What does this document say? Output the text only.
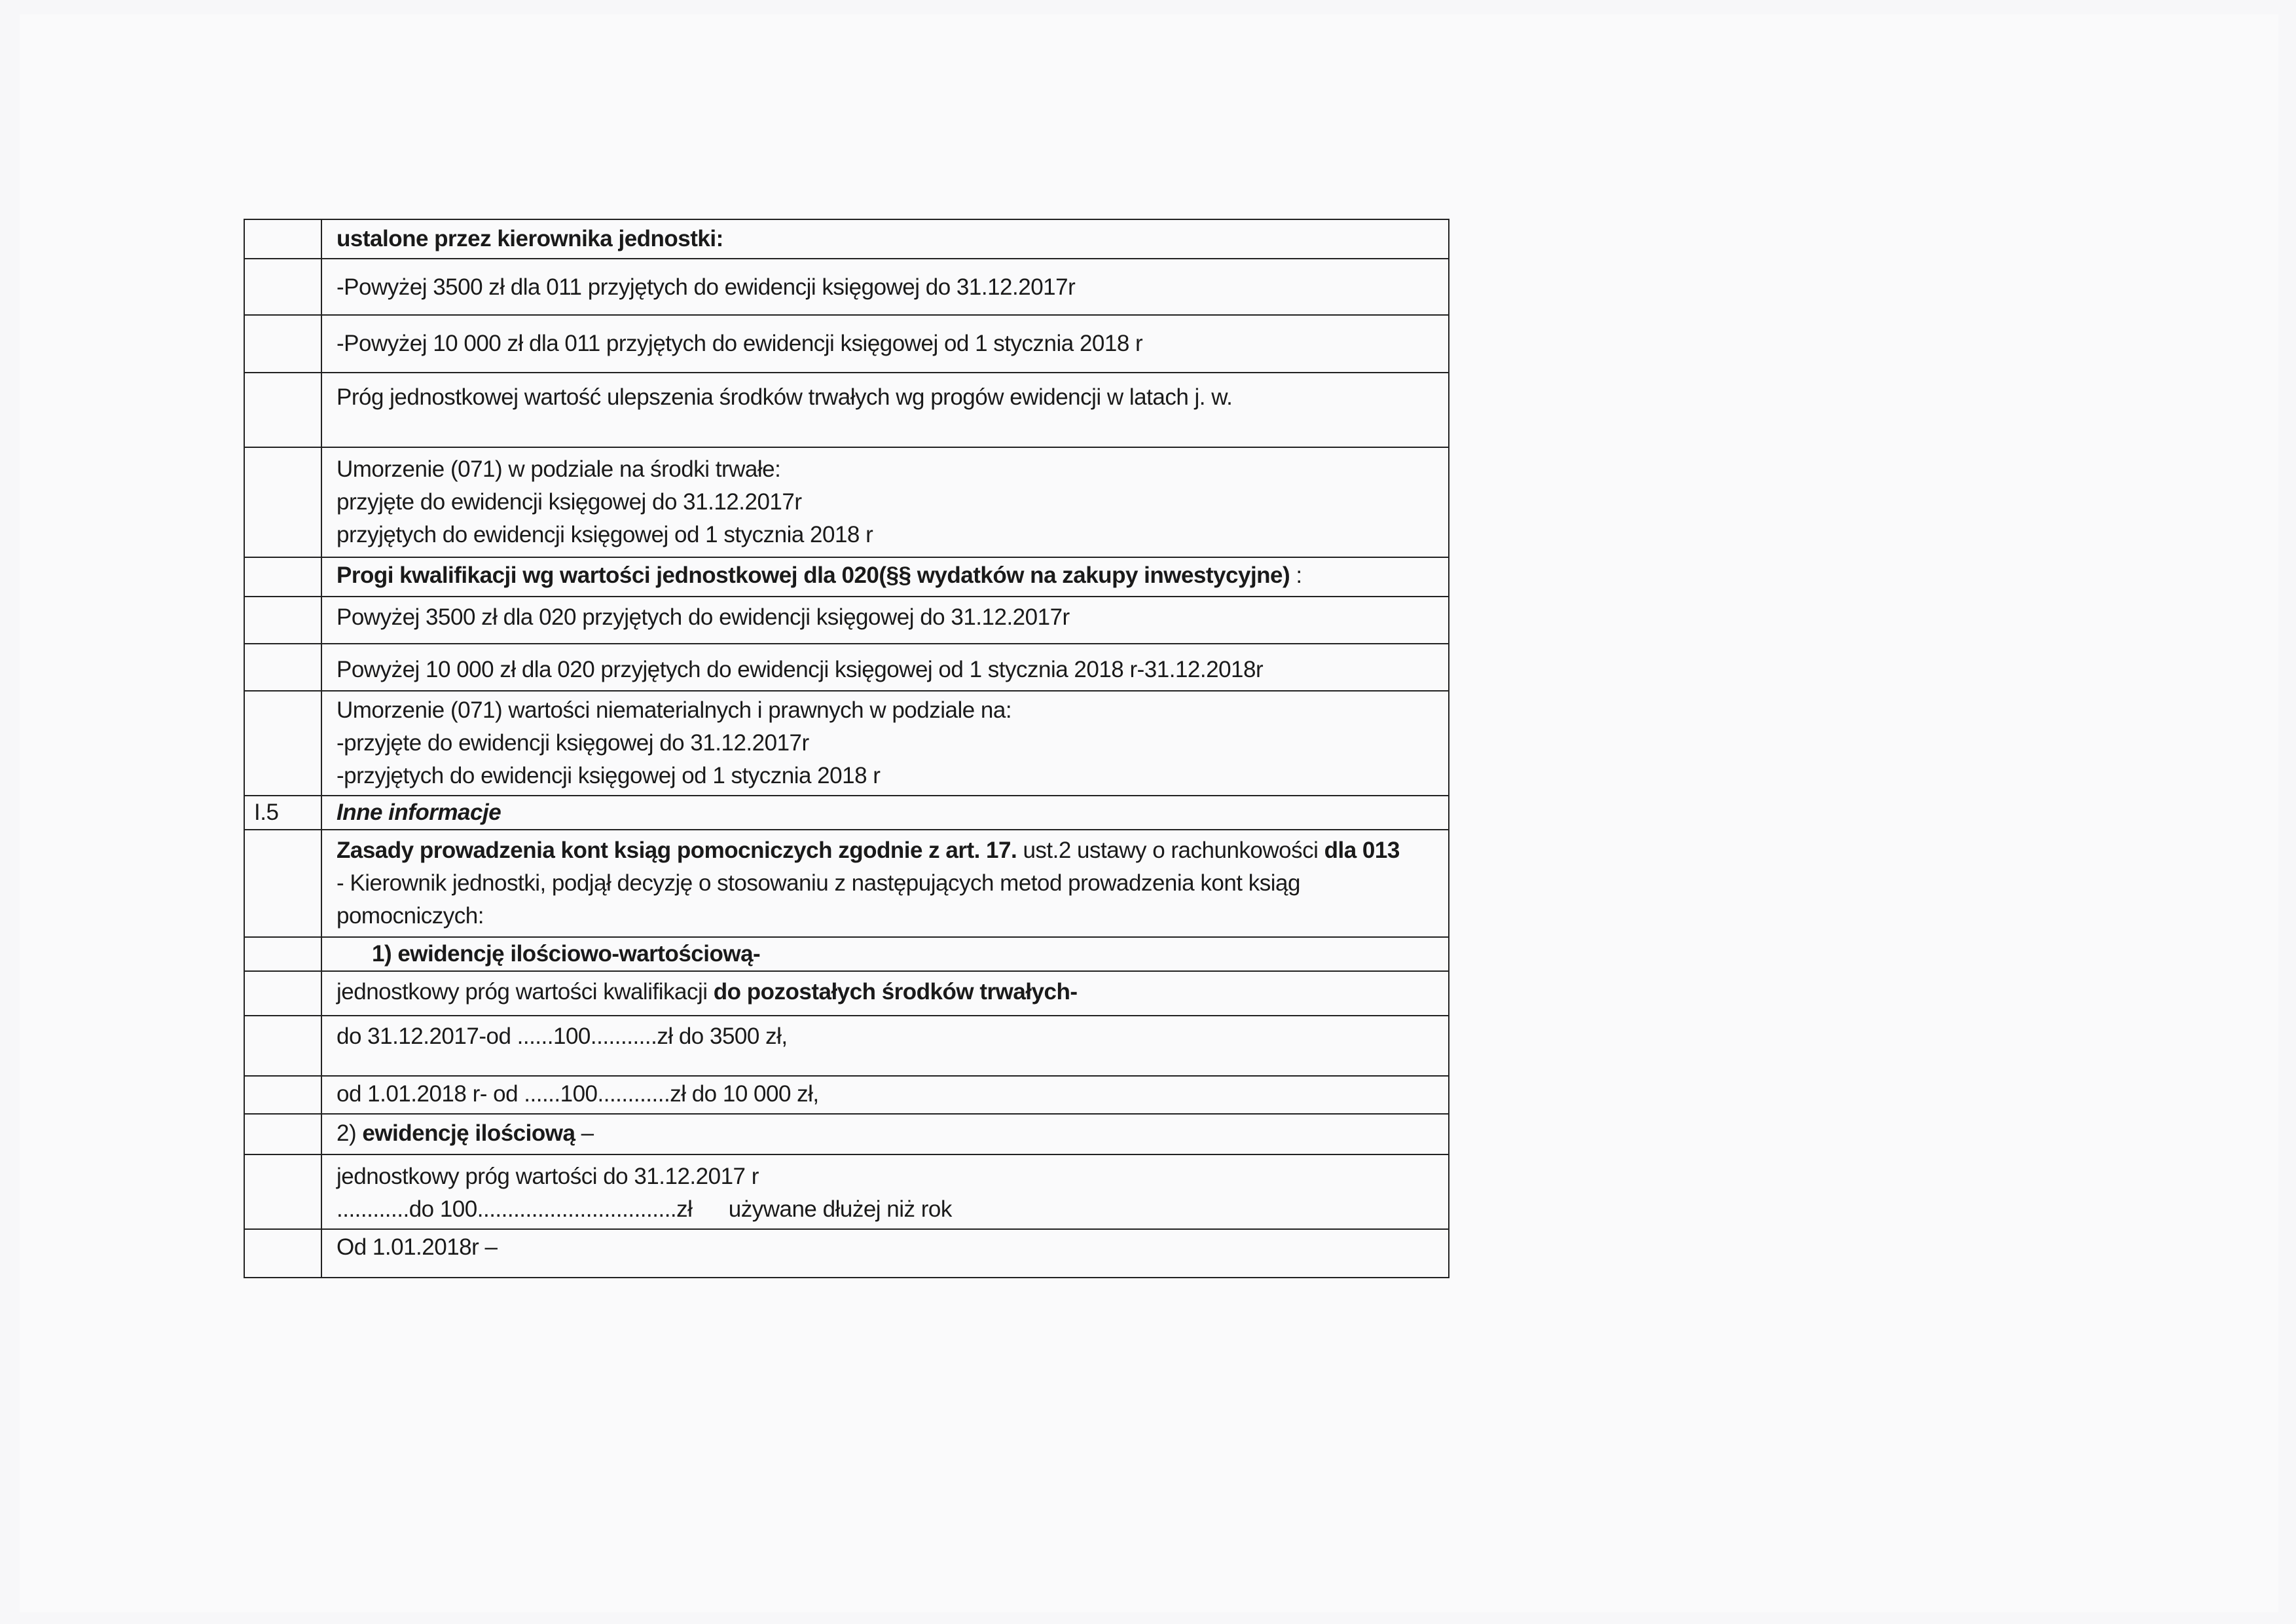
	ustalone przez kierownika jednostki:
	-Powyżej 3500 zł dla 011 przyjętych do ewidencji księgowej do 31.12.2017r
	-Powyżej 10 000 zł dla 011 przyjętych do ewidencji księgowej od 1 stycznia 2018 r
	Próg jednostkowej wartość ulepszenia środków trwałych wg progów ewidencji w latach j. w.

	Umorzenie (071) w podziale na środki trwałe:
przyjęte do ewidencji księgowej do 31.12.2017r
przyjętych do ewidencji księgowej od 1 stycznia 2018 r

	Progi kwalifikacji wg wartości jednostkowej dla 020(§§ wydatków na zakupy inwestycyjne) :
	Powyżej 3500 zł dla 020 przyjętych do ewidencji księgowej do 31.12.2017r
	Powyżej 10 000 zł dla 020 przyjętych do ewidencji księgowej od 1 stycznia 2018 r-31.12.2018r

	Umorzenie (071) wartości niematerialnych i prawnych w podziale na:
-przyjęte do ewidencji księgowej do 31.12.2017r
-przyjętych do ewidencji księgowej od 1 stycznia 2018 r

I.5	Inne informacje

	Zasady prowadzenia kont ksiąg pomocniczych zgodnie z art. 17. ust.2 ustawy o rachunkowości dla 013
- Kierownik jednostki, podjął decyzję o stosowaniu z następujących metod prowadzenia kont ksiąg
pomocniczych:

	1) ewidencję ilościowo-wartościową-
	jednostkowy próg wartości kwalifikacji do pozostałych środków trwałych-
	do 31.12.2017-od ......100...........zł do 3500 zł,
	od 1.01.2018 r- od ......100............zł do 10 000 zł,
	2) ewidencję ilościową –

	jednostkowy próg wartości do 31.12.2017 r
............do 100.................................zł      używane dłużej niż rok

	Od 1.01.2018r –
